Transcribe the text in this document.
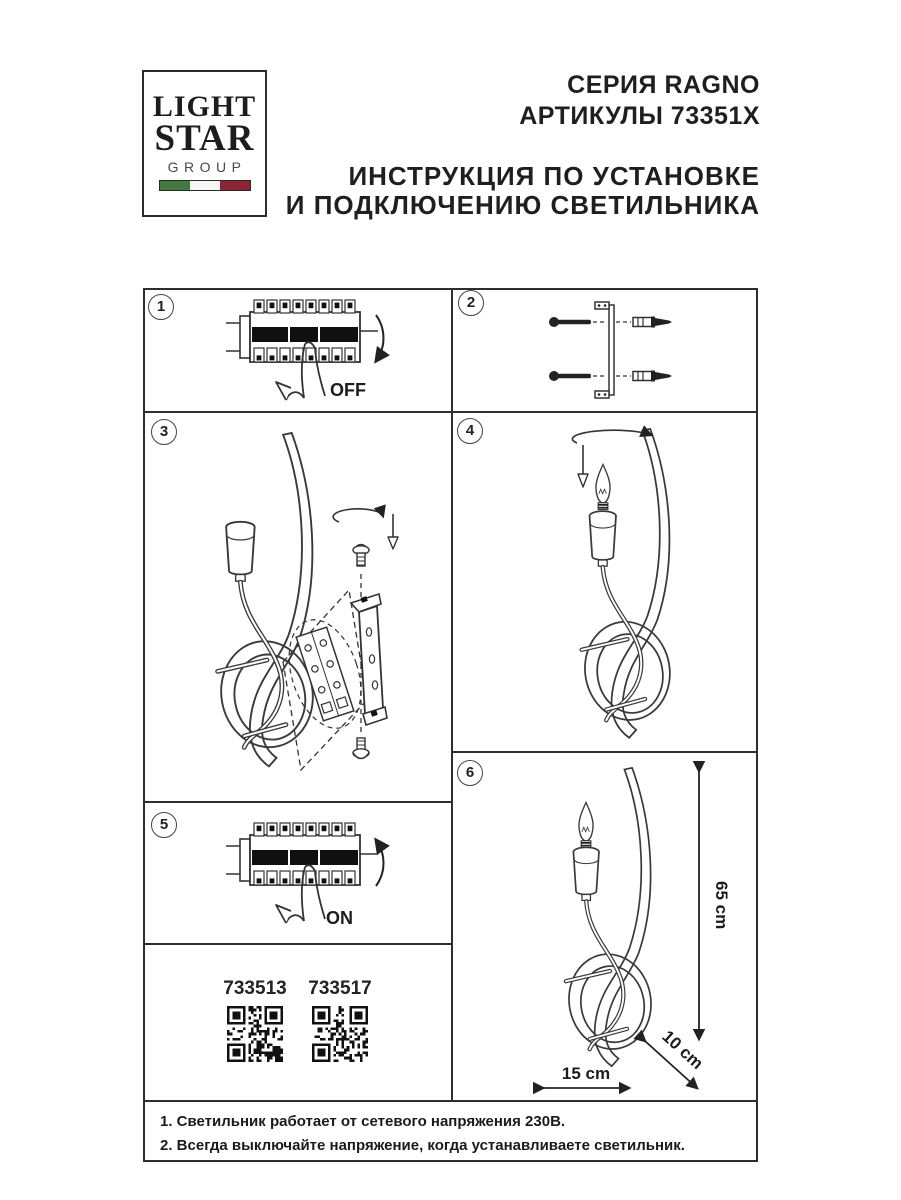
LIGHT
STAR
GROUP
СЕРИЯ RAGNO
АРТИКУЛЫ 73351X
ИНСТРУКЦИЯ ПО УСТАНОВКЕ
И ПОДКЛЮЧЕНИЮ СВЕТИЛЬНИКА
1	2
3	4
5
6
OFF
ON	65 cm
15 cm
10 cm
733513	733517
1. Светильник работает от сетевого напряжения 230В.
2. Всегда выключайте напряжение, когда устанавливаете светильник.
